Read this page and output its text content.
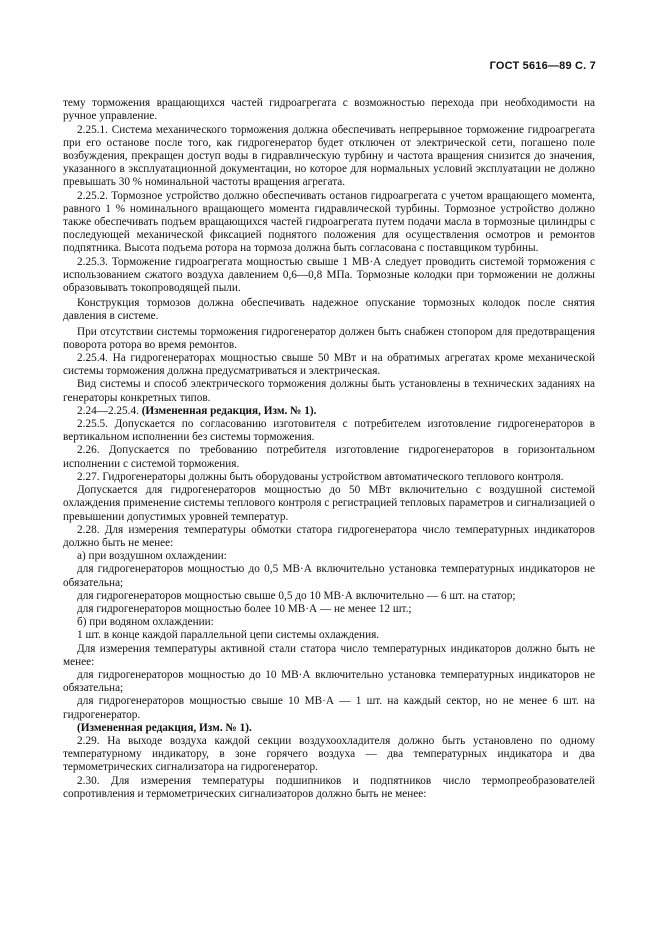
ГОСТ 5616—89 С. 7

тему торможения вращающихся частей гидроагрегата с возможностью перехода при необходимости на ручное управление.

2.25.1. Система механического торможения должна обеспечивать непрерывное торможение гидроагрегата при его останове после того, как гидрогенератор будет отключен от электрической сети, погашено поле возбуждения, прекращен доступ воды в гидравлическую турбину и частота вращения снизится до значения, указанного в эксплуатационной документации, но которое для нормальных условий эксплуатации не должно превышать 30 % номинальной частоты вращения агрегата.

2.25.2. Тормозное устройство должно обеспечивать останов гидроагрегата с учетом вращающего момента, равного 1 % номинального вращающего момента гидравлической турбины. Тормозное устройство должно также обеспечивать подъем вращающихся частей гидроагрегата путем подачи масла в тормозные цилиндры с последующей механической фиксацией поднятого положения для осуществления осмотров и ремонтов подпятника. Высота подъема ротора на тормоза должна быть согласована с поставщиком турбины.

2.25.3. Торможение гидроагрегата мощностью свыше 1 МВ·А следует проводить системой торможения с использованием сжатого воздуха давлением 0,6—0,8 МПа. Тормозные колодки при торможении не должны образовывать токопроводящей пыли.

Конструкция тормозов должна обеспечивать надежное опускание тормозных колодок после снятия давления в системе.

При отсутствии системы торможения гидрогенератор должен быть снабжен стопором для предотвращения поворота ротора во время ремонтов.

2.25.4. На гидрогенераторах мощностью свыше 50 МВт и на обратимых агрегатах кроме механической системы торможения должна предусматриваться и электрическая.

Вид системы и способ электрического торможения должны быть установлены в технических заданиях на генераторы конкретных типов.

2.24—2.25.4. (Измененная редакция, Изм. № 1).

2.25.5. Допускается по согласованию изготовителя с потребителем изготовление гидрогенераторов в вертикальном исполнении без системы торможения.

2.26. Допускается по требованию потребителя изготовление гидрогенераторов в горизонтальном исполнении с системой торможения.

2.27. Гидрогенераторы должны быть оборудованы устройством автоматического теплового контроля.

Допускается для гидрогенераторов мощностью до 50 МВт включительно с воздушной системой охлаждения применение системы теплового контроля с регистрацией тепловых параметров и сигнализацией о превышении допустимых уровней температур.

2.28. Для измерения температуры обмотки статора гидрогенератора число температурных индикаторов должно быть не менее:

а) при воздушном охлаждении:

для гидрогенераторов мощностью до 0,5 МВ·А включительно установка температурных индикаторов не обязательна;

для гидрогенераторов мощностью свыше 0,5 до 10 МВ·А включительно — 6 шт. на статор;

для гидрогенераторов мощностью более 10 МВ·А — не менее 12 шт.;

б) при водяном охлаждении:

1 шт. в конце каждой параллельной цепи системы охлаждения.

Для измерения температуры активной стали статора число температурных индикаторов должно быть не менее:

для гидрогенераторов мощностью до 10 МВ·А включительно установка температурных индикаторов не обязательна;

для гидрогенераторов мощностью свыше 10 МВ·А — 1 шт. на каждый сектор, но не менее 6 шт. на гидрогенератор.

(Измененная редакция, Изм. № 1).

2.29. На выходе воздуха каждой секции воздухоохладителя должно быть установлено по одному температурному индикатору, в зоне горячего воздуха — два температурных индикатора и два термометрических сигнализатора на гидрогенератор.

2.30. Для измерения температуры подшипников и подпятников число термопреобразователей сопротивления и термометрических сигнализаторов должно быть не менее:
